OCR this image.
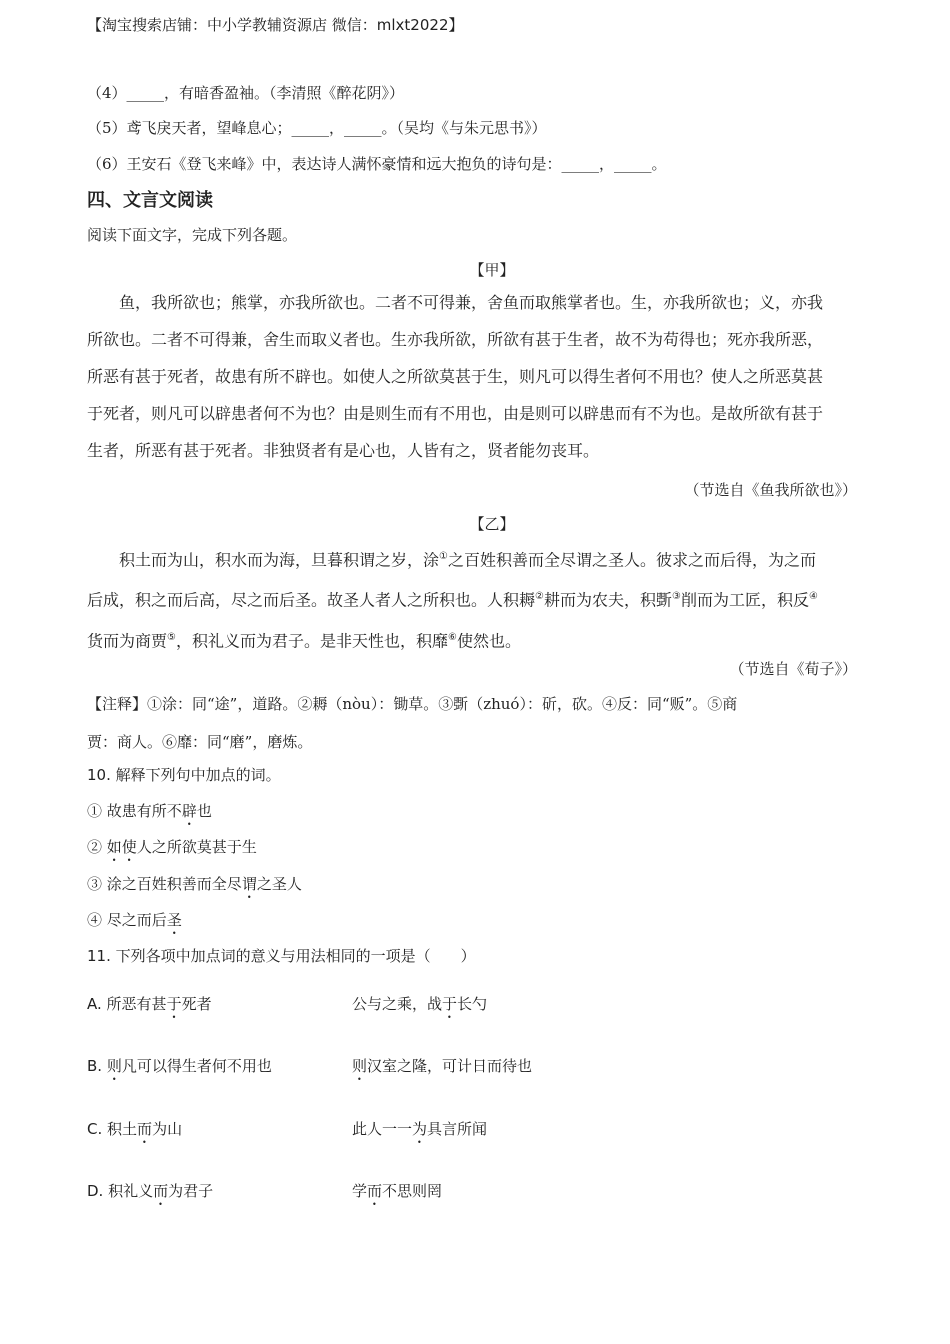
【淘宝搜索店铺：中小学教辅资源店 微信：mlxt2022】
（4）_____，有暗香盈袖。（李清照《醉花阴》）
（5）鸢飞戾天者，望峰息心；_____，_____。（吴均《与朱元思书》）
（6）王安石《登飞来峰》中，表达诗人满怀豪情和远大抱负的诗句是：_____，_____。
四、文言文阅读
阅读下面文字，完成下列各题。
【甲】
鱼，我所欲也；熊掌，亦我所欲也。二者不可得兼，舍鱼而取熊掌者也。生，亦我所欲也；义，亦我
所欲也。二者不可得兼，舍生而取义者也。生亦我所欲，所欲有甚于生者，故不为苟得也；死亦我所恶，
所恶有甚于死者，故患有所不辟也。如使人之所欲莫甚于生，则凡可以得生者何不用也？使人之所恶莫甚
于死者，则凡可以辟患者何不为也？由是则生而有不用也，由是则可以辟患而有不为也。是故所欲有甚于
生者，所恶有甚于死者。非独贤者有是心也，人皆有之，贤者能勿丧耳。
（节选自《鱼我所欲也》）
【乙】
积土而为山，积水而为海，旦暮积谓之岁，涂①之百姓积善而全尽谓之圣人。彼求之而后得，为之而
后成，积之而后高，尽之而后圣。故圣人者人之所积也。人积耨②耕而为农夫，积斲③削而为工匠，积反④
货而为商贾⑤，积礼义而为君子。是非天性也，积靡⑥使然也。
（节选自《荀子》）
【注释】①涂：同“途”，道路。②耨（nòu）：锄草。③斲（zhuó）：斫，砍。④反：同“贩”。⑤商
贾：商人。⑥靡：同“磨”，磨炼。
10. 解释下列句中加点的词。
① 故患有所不辟也
② 如使人之所欲莫甚于生
③ 涂之百姓积善而全尽谓之圣人
④ 尽之而后圣
11. 下列各项中加点词的意义与用法相同的一项是（　　）
A. 所恶有甚于死者	公与之乘，战于长勺
B. 则凡可以得生者何不用也	则汉室之隆，可计日而待也
C. 积土而为山	此人一一为具言所闻
D. 积礼义而为君子	学而不思则罔
